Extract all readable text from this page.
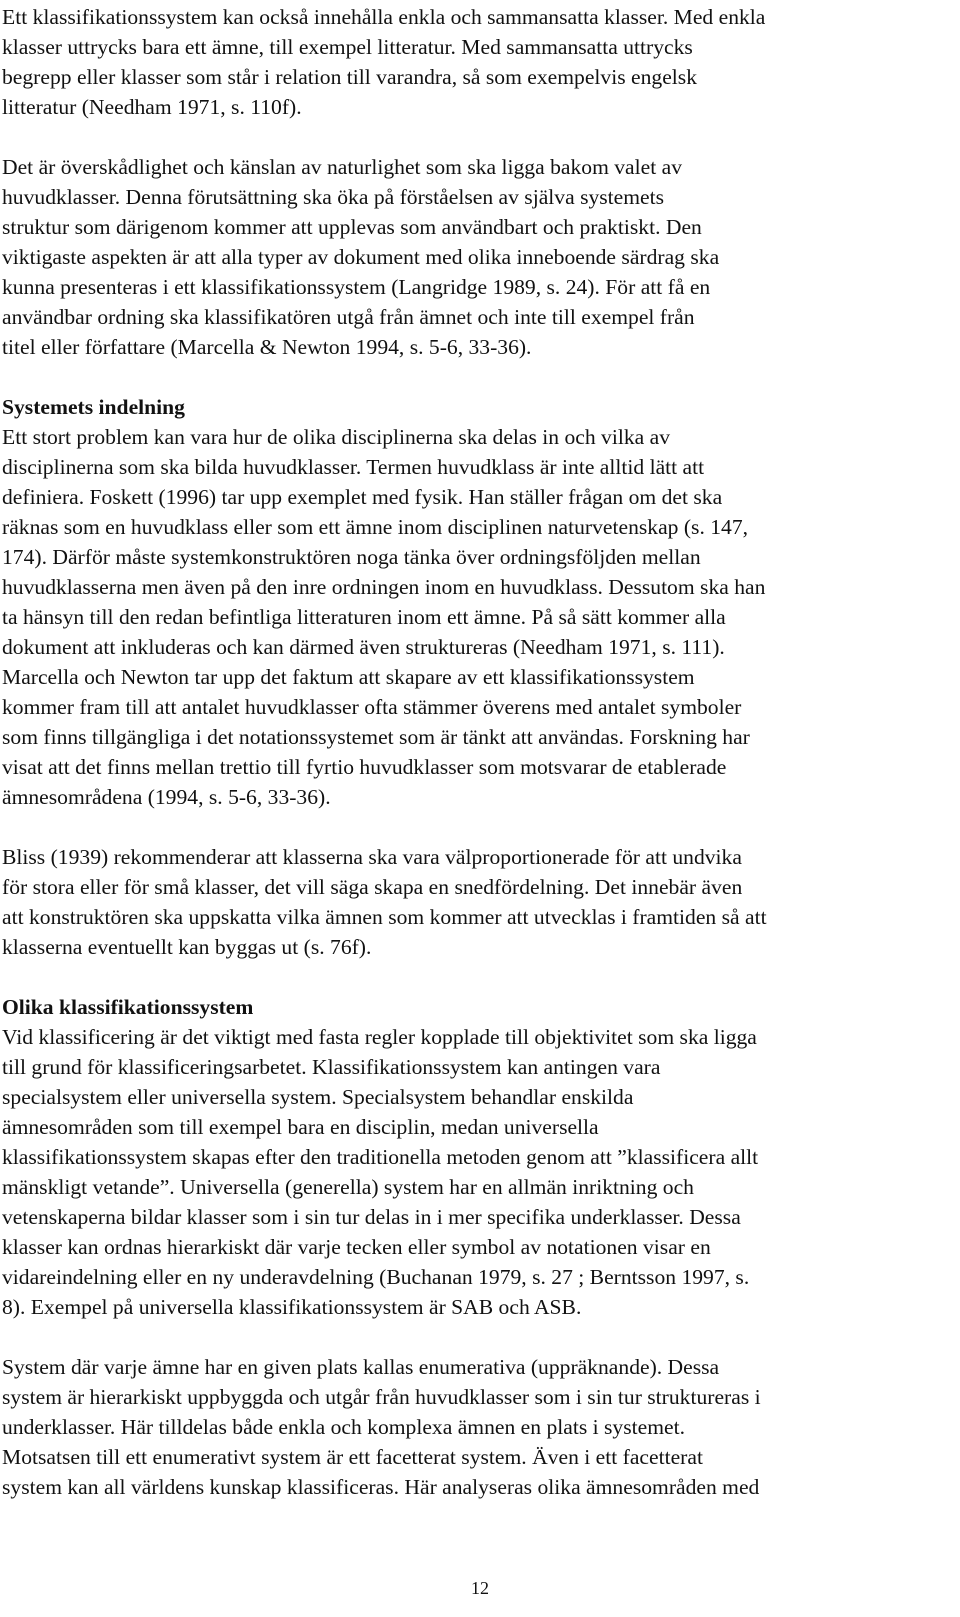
Ett klassifikationssystem kan också innehålla enkla och sammansatta klasser. Med enkla
klasser uttrycks bara ett ämne, till exempel litteratur. Med sammansatta uttrycks
begrepp eller klasser som står i relation till varandra, så som exempelvis engelsk
litteratur (Needham 1971, s. 110f).

Det är överskådlighet och känslan av naturlighet som ska ligga bakom valet av
huvudklasser. Denna förutsättning ska öka på förståelsen av själva systemets
struktur som därigenom kommer att upplevas som användbart och praktiskt. Den
viktigaste aspekten är att alla typer av dokument med olika inneboende särdrag ska
kunna presenteras i ett klassifikationssystem (Langridge 1989, s. 24). För att få en
användbar ordning ska klassifikatören utgå från ämnet och inte till exempel från
titel eller författare (Marcella & Newton 1994, s. 5-6, 33-36).

Systemets indelning

Ett stort problem kan vara hur de olika disciplinerna ska delas in och vilka av
disciplinerna som ska bilda huvudklasser. Termen huvudklass är inte alltid lätt att
definiera. Foskett (1996) tar upp exemplet med fysik. Han ställer frågan om det ska
räknas som en huvudklass eller som ett ämne inom disciplinen naturvetenskap (s. 147,
174). Därför måste systemkonstruktören noga tänka över ordningsföljden mellan
huvudklasserna men även på den inre ordningen inom en huvudklass. Dessutom ska han
ta hänsyn till den redan befintliga litteraturen inom ett ämne. På så sätt kommer alla
dokument att inkluderas och kan därmed även struktureras (Needham 1971, s. 111).
Marcella och Newton tar upp det faktum att skapare av ett klassifikationssystem
kommer fram till att antalet huvudklasser ofta stämmer överens med antalet symboler
som finns tillgängliga i det notationssystemet som är tänkt att användas. Forskning har
visat att det finns mellan trettio till fyrtio huvudklasser som motsvarar de etablerade
ämnesområdena (1994, s. 5-6, 33-36).

Bliss (1939) rekommenderar att klasserna ska vara välproportionerade för att undvika
för stora eller för små klasser, det vill säga skapa en snedfördelning. Det innebär även
att konstruktören ska uppskatta vilka ämnen som kommer att utvecklas i framtiden så att
klasserna eventuellt kan byggas ut (s. 76f).

Olika klassifikationssystem

Vid klassificering är det viktigt med fasta regler kopplade till objektivitet som ska ligga
till grund för klassificeringsarbetet. Klassifikationssystem kan antingen vara
specialsystem eller universella system. Specialsystem behandlar enskilda
ämnesområden som till exempel bara en disciplin, medan universella
klassifikationssystem skapas efter den traditionella metoden genom att ”klassificera allt
mänskligt vetande”. Universella (generella) system har en allmän inriktning och
vetenskaperna bildar klasser som i sin tur delas in i mer specifika underklasser. Dessa
klasser kan ordnas hierarkiskt där varje tecken eller symbol av notationen visar en
vidareindelning eller en ny underavdelning (Buchanan 1979, s. 27 ; Berntsson 1997, s.
8). Exempel på universella klassifikationssystem är SAB och ASB.

System där varje ämne har en given plats kallas enumerativa (uppräknande). Dessa
system är hierarkiskt uppbyggda och utgår från huvudklasser som i sin tur struktureras i
underklasser. Här tilldelas både enkla och komplexa ämnen en plats i systemet.
Motsatsen till ett enumerativt system är ett facetterat system. Även i ett facetterat
system kan all världens kunskap klassificeras. Här analyseras olika ämnesområden med

12
